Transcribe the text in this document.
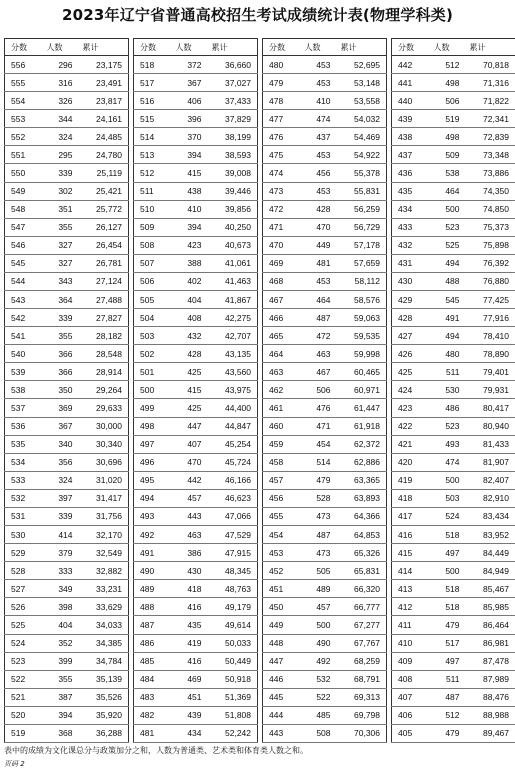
2023年辽宁省普通高校招生考试成绩统计表(物理学科类)
分数	人数	累计
556	296	23,175
555	316	23,491
554	326	23,817
553	344	24,161
552	324	24,485
551	295	24,780
550	339	25,119
549	302	25,421
548	351	25,772
547	355	26,127
546	327	26,454
545	327	26,781
544	343	27,124
543	364	27,488
542	339	27,827
541	355	28,182
540	366	28,548
539	366	28,914
538	350	29,264
537	369	29,633
536	367	30,000
535	340	30,340
534	356	30,696
533	324	31,020
532	397	31,417
531	339	31,756
530	414	32,170
529	379	32,549
528	333	32,882
527	349	33,231
526	398	33,629
525	404	34,033
524	352	34,385
523	399	34,784
522	355	35,139
521	387	35,526
520	394	35,920
519	368	36,288
分数	人数	累计
518	372	36,660
517	367	37,027
516	406	37,433
515	396	37,829
514	370	38,199
513	394	38,593
512	415	39,008
511	438	39,446
510	410	39,856
509	394	40,250
508	423	40,673
507	388	41,061
506	402	41,463
505	404	41,867
504	408	42,275
503	432	42,707
502	428	43,135
501	425	43,560
500	415	43,975
499	425	44,400
498	447	44,847
497	407	45,254
496	470	45,724
495	442	46,166
494	457	46,623
493	443	47,066
492	463	47,529
491	386	47,915
490	430	48,345
489	418	48,763
488	416	49,179
487	435	49,614
486	419	50,033
485	416	50,449
484	469	50,918
483	451	51,369
482	439	51,808
481	434	52,242
分数	人数	累计
480	453	52,695
479	453	53,148
478	410	53,558
477	474	54,032
476	437	54,469
475	453	54,922
474	456	55,378
473	453	55,831
472	428	56,259
471	470	56,729
470	449	57,178
469	481	57,659
468	453	58,112
467	464	58,576
466	487	59,063
465	472	59,535
464	463	59,998
463	467	60,465
462	506	60,971
461	476	61,447
460	471	61,918
459	454	62,372
458	514	62,886
457	479	63,365
456	528	63,893
455	473	64,366
454	487	64,853
453	473	65,326
452	505	65,831
451	489	66,320
450	457	66,777
449	500	67,277
448	490	67,767
447	492	68,259
446	532	68,791
445	522	69,313
444	485	69,798
443	508	70,306
分数	人数	累计
442	512	70,818
441	498	71,316
440	506	71,822
439	519	72,341
438	498	72,839
437	509	73,348
436	538	73,886
435	464	74,350
434	500	74,850
433	523	75,373
432	525	75,898
431	494	76,392
430	488	76,880
429	545	77,425
428	491	77,916
427	494	78,410
426	480	78,890
425	511	79,401
424	530	79,931
423	486	80,417
422	523	80,940
421	493	81,433
420	474	81,907
419	500	82,407
418	503	82,910
417	524	83,434
416	518	83,952
415	497	84,449
414	500	84,949
413	518	85,467
412	518	85,985
411	479	86,464
410	517	86,981
409	497	87,478
408	511	87,989
407	487	88,476
406	512	88,988
405	479	89,467
表中的成绩为文化课总分与政策加分之和，人数为普通类、艺术类和体育类人数之和。
页码 2
